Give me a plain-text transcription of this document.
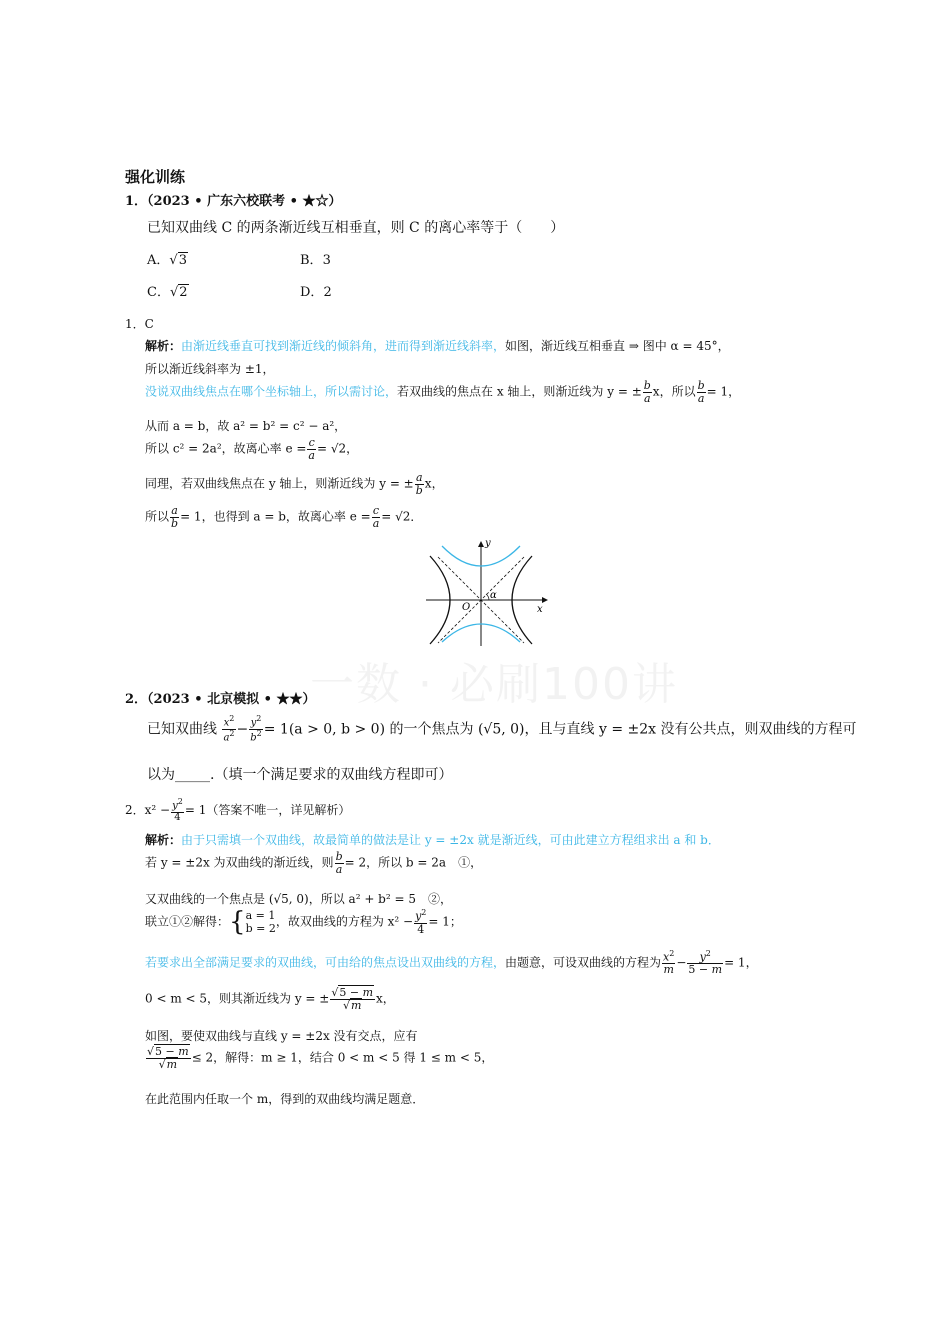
一数 · 必刷100讲
强化训练
1．（2023 • 广东六校联考 • ★☆）
已知双曲线 C 的两条渐近线互相垂直，则 C 的离心率等于（　　）
A．√3	B．3
C．√2	D．2
1．C
解析：由渐近线垂直可找到渐近线的倾斜角，进而得到渐近线斜率，如图，渐近线互相垂直 ⇒ 图中 α = 45°，
所以渐近线斜率为 ±1，
没说双曲线焦点在哪个坐标轴上，所以需讨论，若双曲线的焦点在 x 轴上，则渐近线为 y = ± $\frac{b}{a}$ x，所以 $\frac{b}{a} = 1$，
从而 a = b，故 a² = b² = c² − a²，
所以 c² = 2a²，故离心率 $e = \frac{c}{a} = √2$，
同理，若双曲线焦点在 y 轴上，则渐近线为 y = ± $\frac{a}{b}$ x，
所以 $\frac{a}{b} = 1$，也得到 a = b，故离心率 $e = \frac{c}{a} = √2$．
y
x
O
α
2．（2023 • 北京模拟 • ★★）
已知双曲线 $\frac{x^2}{a^2} - \frac{y^2}{b^2} = 1(a > 0$, b > 0) 的一个焦点为 (√5, 0)，且与直线 y = ±2x 没有公共点，则双曲线的方程可
以为_____.（填一个满足要求的双曲线方程即可）
2．$x^2 - \frac{y^2}{4} = 1$（答案不唯一，详见解析）
解析：由于只需填一个双曲线，故最简单的做法是让 y = ±2x 就是渐近线，可由此建立方程组求出 a 和 b．
若 y = ±2x 为双曲线的渐近线，则 $\frac{b}{a} = 2$，所以 b = 2a　①，
又双曲线的一个焦点是 (√5, 0)，所以 a² + b² = 5　②，
联立①②解得：{ a = 1
b = 2 ，故双曲线的方程为 $x^2 - \frac{y^2}{4} = 1$；
若要求出全部满足要求的双曲线，可由给的焦点设出双曲线的方程，由题意，可设双曲线的方程为 $\frac{x^2}{m} - \frac{y^2}{5 - m} = 1$，
0 < m < 5，则其渐近线为 y = ± $\frac{√5 - m}{√m}$ x，
如图，要使双曲线与直线 y = ±2x 没有交点，应有
$\frac{√5 - m}{√m} \le 2$，解得：m ≥ 1，结合 0 < m < 5 得 1 ≤ m < 5，
在此范围内任取一个 m，得到的双曲线均满足题意．
